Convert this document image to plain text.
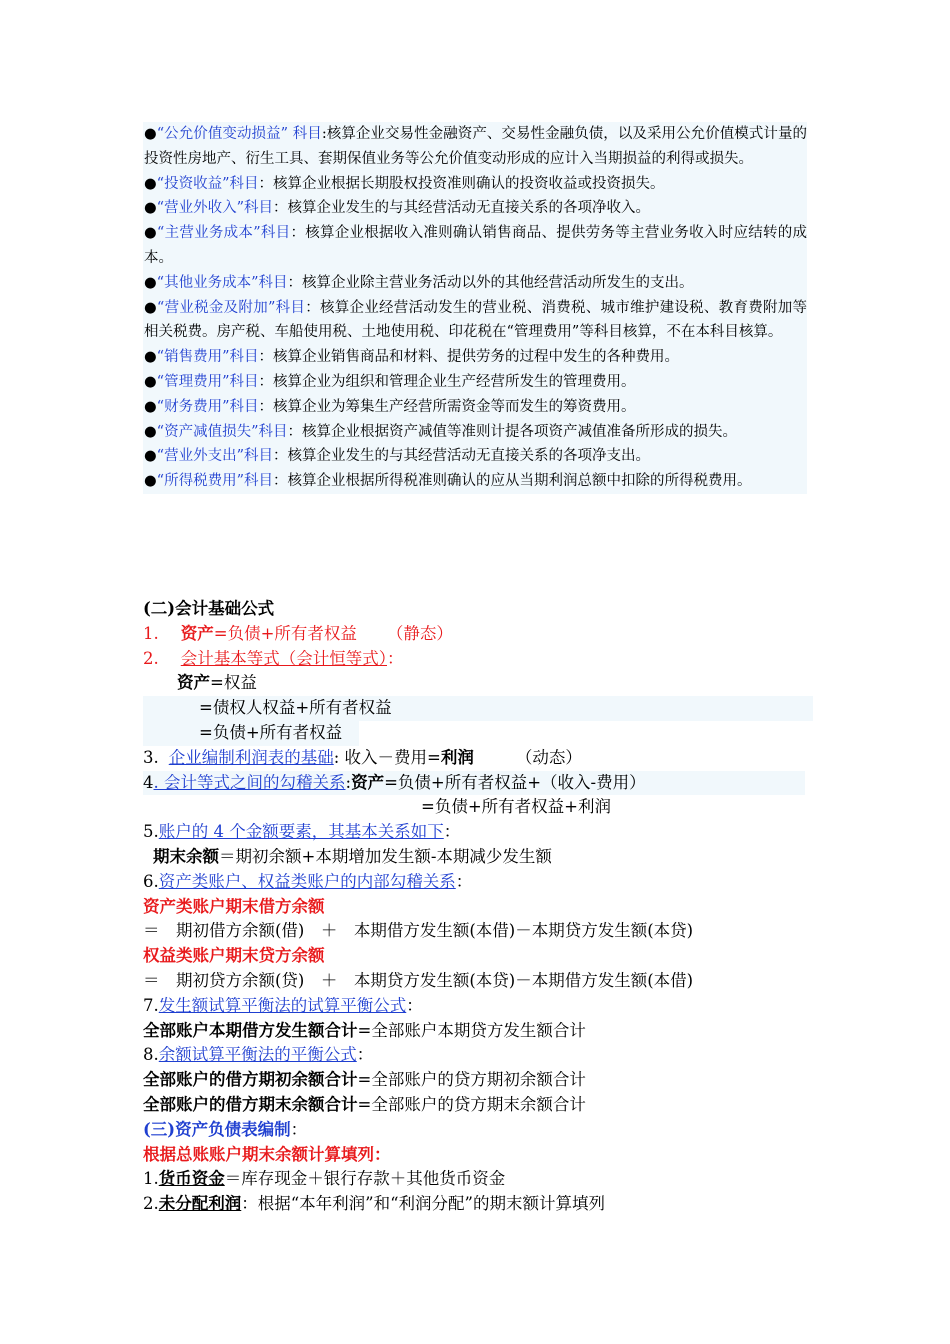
●“公允价值变动损益” 科目:核算企业交易性金融资产、交易性金融负债，以及采用公允价值模式计量的投资性房地产、衍生工具、套期保值业务等公允价值变动形成的应计入当期损益的利得或损失。

●“投资收益”科目：核算企业根据长期股权投资准则确认的投资收益或投资损失。

●“营业外收入”科目：核算企业发生的与其经营活动无直接关系的各项净收入。

●“主营业务成本”科目：核算企业根据收入准则确认销售商品、提供劳务等主营业务收入时应结转的成本。

●“其他业务成本”科目：核算企业除主营业务活动以外的其他经营活动所发生的支出。

●“营业税金及附加”科目：核算企业经营活动发生的营业税、消费税、城市维护建设税、教育费附加等相关税费。房产税、车船使用税、土地使用税、印花税在“管理费用”等科目核算，不在本科目核算。

●“销售费用”科目：核算企业销售商品和材料、提供劳务的过程中发生的各种费用。

●“管理费用”科目：核算企业为组织和管理企业生产经营所发生的管理费用。

●“财务费用”科目：核算企业为筹集生产经营所需资金等而发生的筹资费用。

●“资产减值损失”科目：核算企业根据资产减值等准则计提各项资产减值准备所形成的损失。

●“营业外支出”科目：核算企业发生的与其经营活动无直接关系的各项净支出。

●“所得税费用”科目：核算企业根据所得税准则确认的应从当期利润总额中扣除的所得税费用。

(二)会计基础公式
1. 资产=负债+所有者权益 （静态）
2. 会计基本等式（会计恒等式）：
资产=权益
=债权人权益+所有者权益
=负债+所有者权益
3. 企业编制利润表的基础: 收入－费用=利润	（动态）
4. 会计等式之间的勾稽关系:资产=负债+所有者权益+（收入-费用）
=负债+所有者权益+利润
5.账户的 4 个金额要素，其基本关系如下：
期末余额＝期初余额+本期增加发生额-本期减少发生额
6.资产类账户、权益类账户的内部勾稽关系：
资产类账户期末借方余额
＝　期初借方余额(借)　＋　本期借方发生额(本借)－本期贷方发生额(本贷)
权益类账户期末贷方余额
＝　期初贷方余额(贷)　＋　本期贷方发生额(本贷)－本期借方发生额(本借)
7.发生额试算平衡法的试算平衡公式：
全部账户本期借方发生额合计=全部账户本期贷方发生额合计
8.余额试算平衡法的平衡公式：
全部账户的借方期初余额合计=全部账户的贷方期初余额合计
全部账户的借方期末余额合计=全部账户的贷方期末余额合计
(三)资产负债表编制：
根据总账账户期末余额计算填列：
1.货币资金＝库存现金＋银行存款＋其他货币资金
2.未分配利润：根据“本年利润”和“利润分配”的期末额计算填列
